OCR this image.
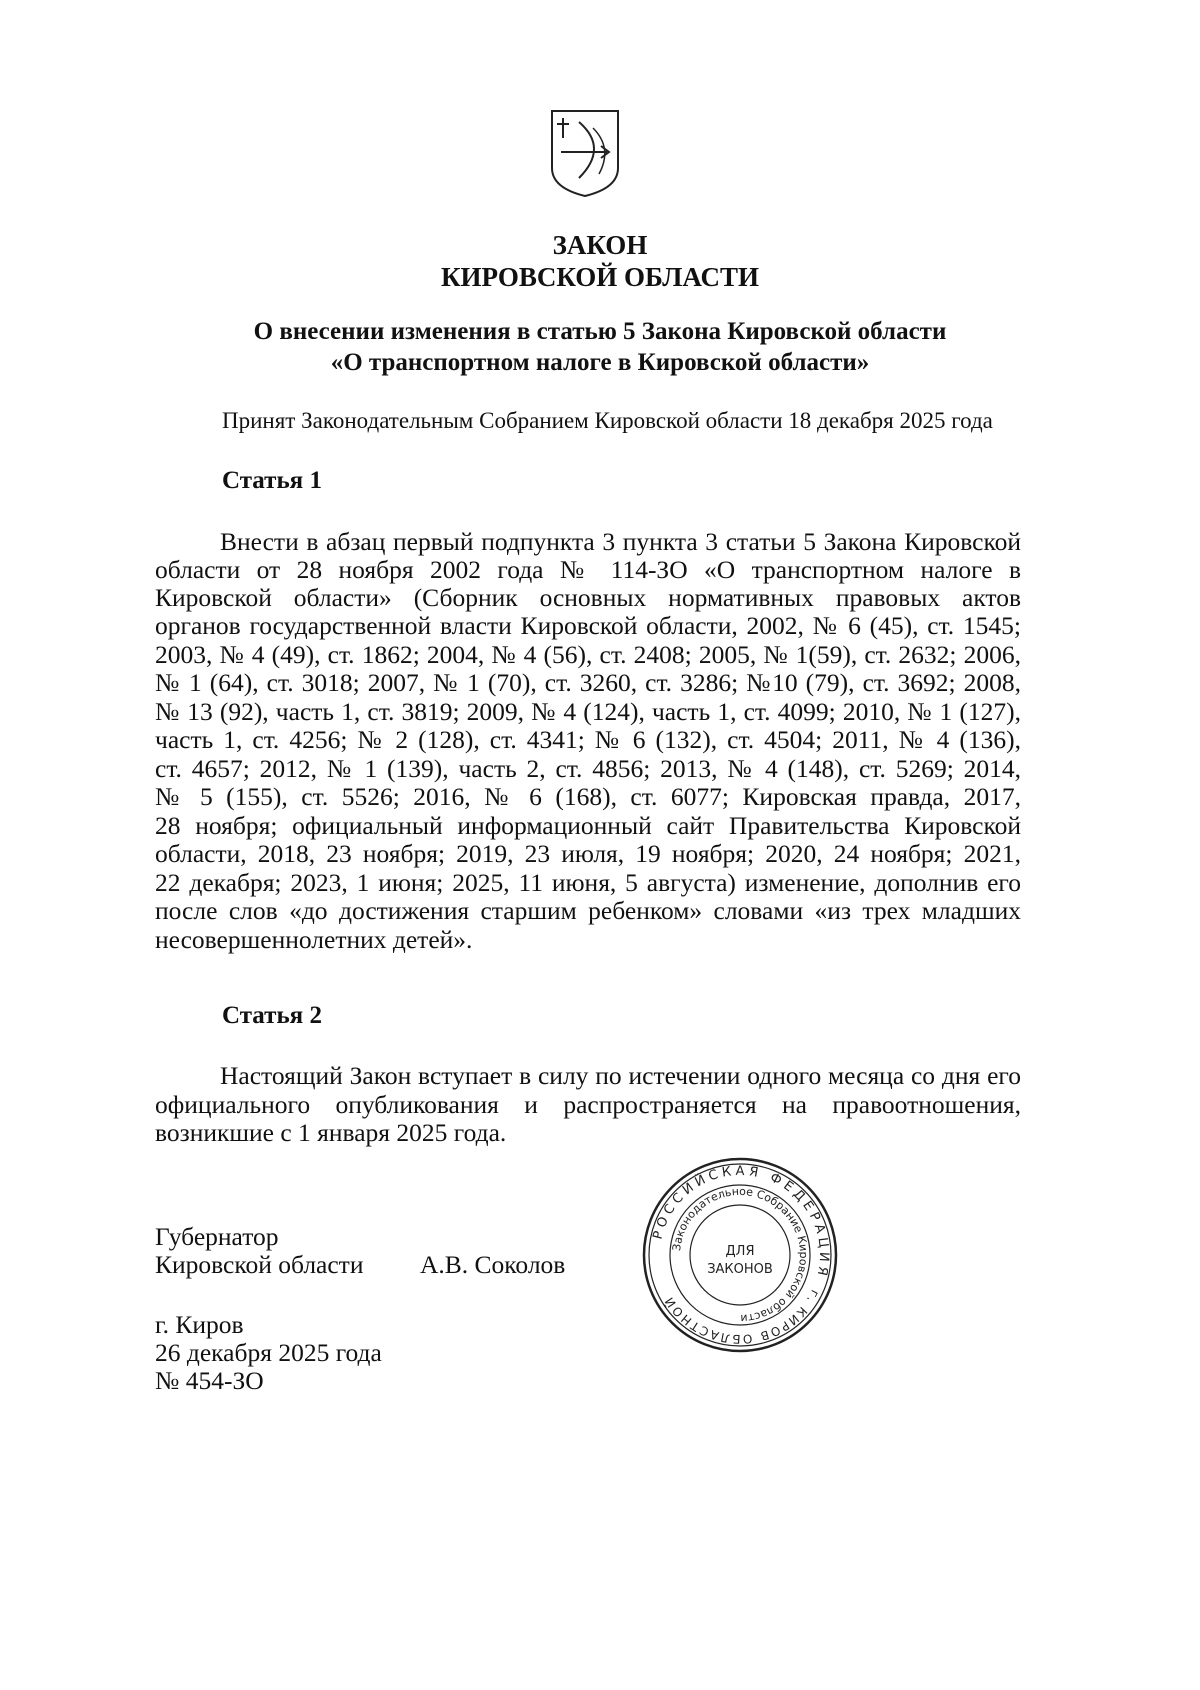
ЗАКОН
КИРОВСКОЙ ОБЛАСТИ
О внесении изменения в статью 5 Закона Кировской области
«О транспортном налоге в Кировской области»
Принят Законодательным Собранием Кировской области 18 декабря 2025 года
Статья 1
Внести в абзац первый подпункта 3 пункта 3 статьи 5 Закона Кировской
области от 28 ноября 2002 года № 114-ЗО «О транспортном налоге в
Кировской области» (Сборник основных нормативных правовых актов
органов государственной власти Кировской области, 2002, № 6 (45), ст. 1545;
2003, № 4 (49), ст. 1862; 2004, № 4 (56), ст. 2408; 2005, № 1(59), ст. 2632; 2006,
№ 1 (64), ст. 3018; 2007, № 1 (70), ст. 3260, ст. 3286; №10 (79), ст. 3692; 2008,
№ 13 (92), часть 1, ст. 3819; 2009, № 4 (124), часть 1, ст. 4099; 2010, № 1 (127),
часть 1, ст. 4256; № 2 (128), ст. 4341; № 6 (132), ст. 4504; 2011, № 4 (136),
ст. 4657; 2012, № 1 (139), часть 2, ст. 4856; 2013, № 4 (148), ст. 5269; 2014,
№ 5 (155), ст. 5526; 2016, № 6 (168), ст. 6077; Кировская правда, 2017,
28 ноября; официальный информационный сайт Правительства Кировской
области, 2018, 23 ноября; 2019, 23 июля, 19 ноября; 2020, 24 ноября; 2021,
22 декабря; 2023, 1 июня; 2025, 11 июня, 5 августа) изменение, дополнив его
после слов «до достижения старшим ребенком» словами «из трех младших
несовершеннолетних детей».
Статья 2
Настоящий Закон вступает в силу по истечении одного месяца со дня его
официального опубликования и распространяется на правоотношения,
возникшие с 1 января 2025 года.
Губернатор
Кировской области А.В. Соколов
РОССИЙСКАЯ ФЕДЕРАЦИЯ
г. КИРОВ ОБЛАСТНОЙ
Законодательное Собрание Кировской области
ДЛЯ
ЗАКОНОВ
г. Киров
26 декабря 2025 года
№ 454-ЗО
